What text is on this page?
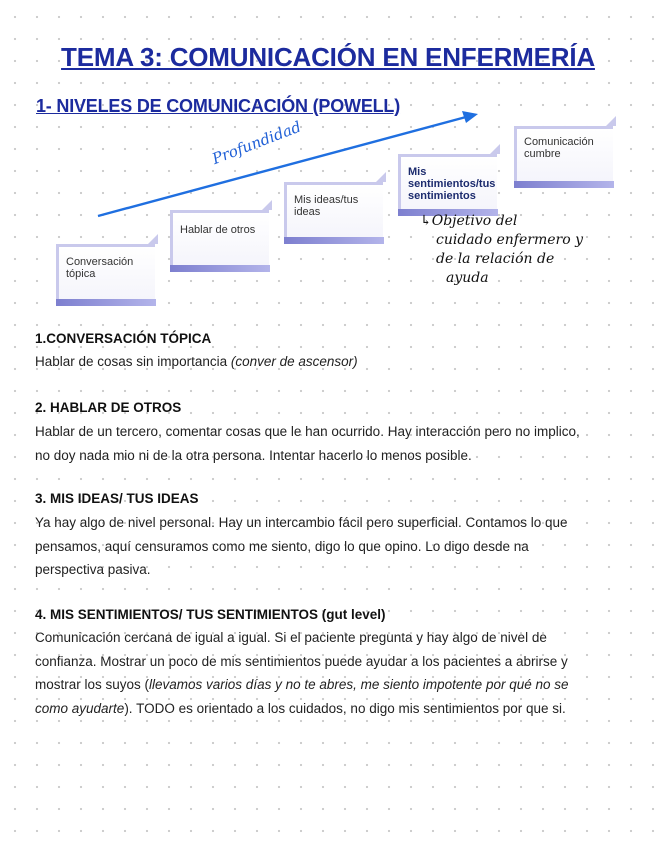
TEMA 3: COMUNICACIÓN EN ENFERMERÍA
1- NIVELES DE COMUNICACIÓN (POWELL)
Profundidad
Conversación tópica
Hablar de otros
Mis ideas/tus ideas
Mis sentimientos/tus sentimientos
Comunicación cumbre
↳Objetivo del
cuidado enfermero y
de la relación de
ayuda
1.CONVERSACIÓN TÓPICA
Hablar de cosas sin importancia (conver de ascensor)
2. HABLAR DE OTROS
Hablar de un tercero, comentar cosas que le han ocurrido. Hay interacción pero no implico,
no doy nada mio ni de la otra persona. Intentar hacerlo lo menos posible.
3. MIS IDEAS/ TUS IDEAS
Ya hay algo de nivel personal. Hay un intercambio fácil pero superficial. Contamos lo que
pensamos, aquí censuramos como me siento, digo lo que opino. Lo digo desde na
perspectiva pasiva.
4. MIS SENTIMIENTOS/ TUS SENTIMIENTOS (gut level)
Comunicación cercana de igual a igual. Si el paciente pregunta y hay algo de nivel de
confianza. Mostrar un poco de mis sentimientos puede ayudar a los pacientes a abrirse y
mostrar los suyos (llevamos varios días y no te abres, me siento impotente por qué no se
como ayudarte). TODO es orientado a los cuidados, no digo mis sentimientos por que si.
